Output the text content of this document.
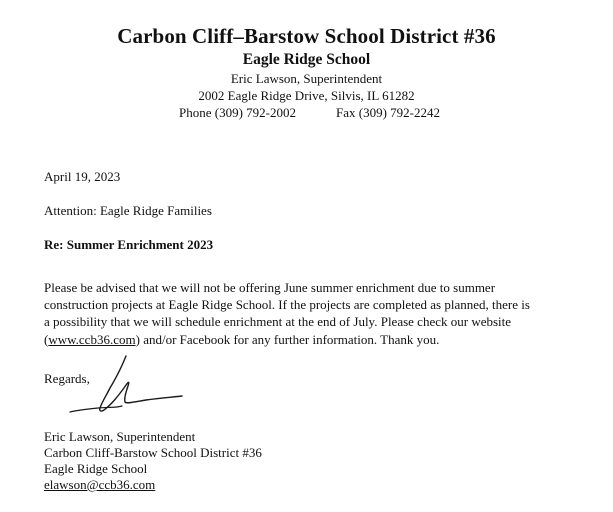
Carbon Cliff–Barstow School District #36
Eagle Ridge School
Eric Lawson, Superintendent
2002 Eagle Ridge Drive, Silvis, IL 61282
Phone (309) 792-2002	Fax (309) 792-2242
April 19, 2023
Attention: Eagle Ridge Families
Re: Summer Enrichment 2023
Please be advised that we will not be offering June summer enrichment due to summer
construction projects at Eagle Ridge School. If the projects are completed as planned, there is
a possibility that we will schedule enrichment at the end of July. Please check our website
(www.ccb36.com) and/or Facebook for any further information. Thank you.
Regards,
Eric Lawson, Superintendent
Carbon Cliff-Barstow School District #36
Eagle Ridge School
elawson@ccb36.com
